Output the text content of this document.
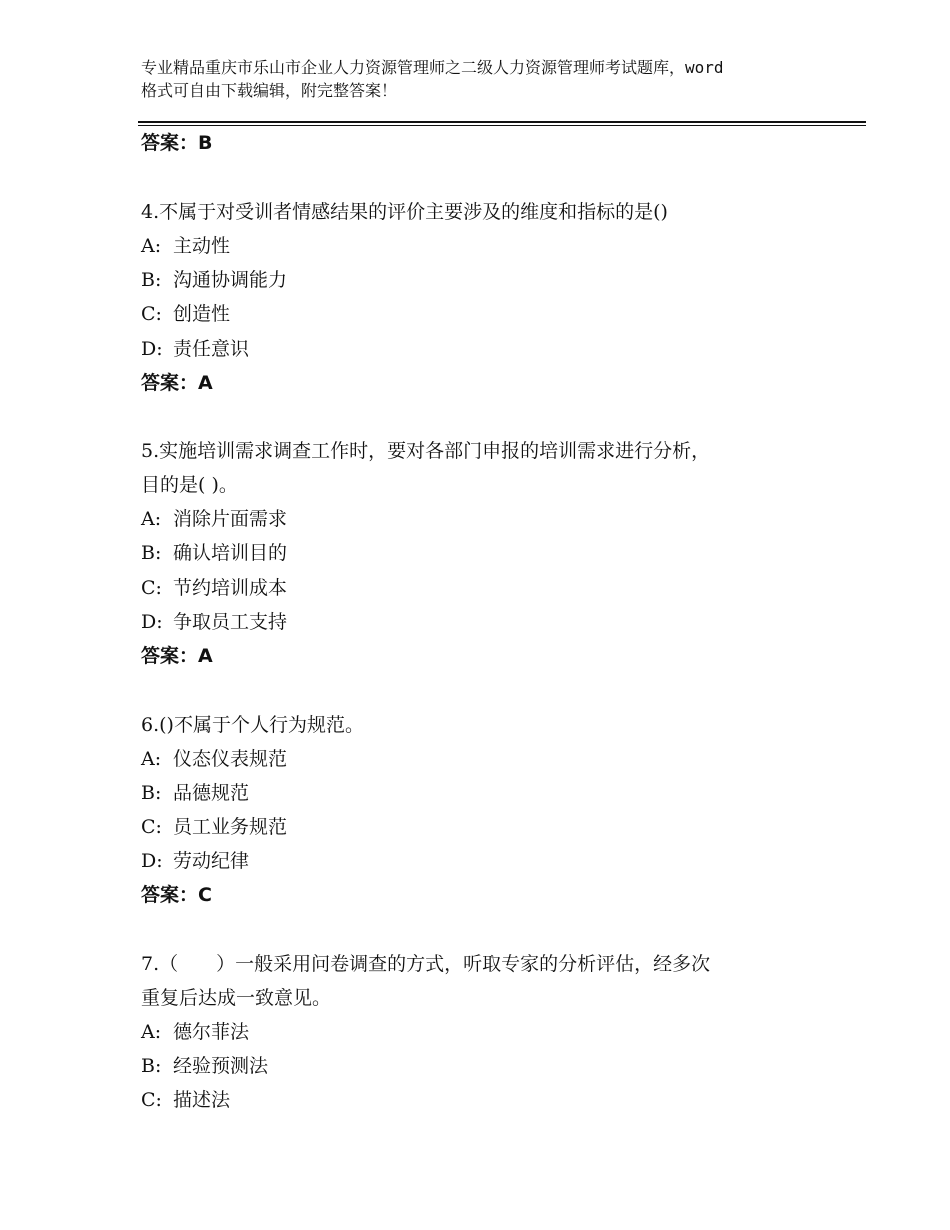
专业精品重庆市乐山市企业人力资源管理师之二级人力资源管理师考试题库，word
格式可自由下载编辑，附完整答案！
答案：B
4.不属于对受训者情感结果的评价主要涉及的维度和指标的是()
A: 主动性
B: 沟通协调能力
C: 创造性
D: 责任意识
答案：A
5.实施培训需求调查工作时，要对各部门申报的培训需求进行分析，
目的是( )。
A: 消除片面需求
B: 确认培训目的
C: 节约培训成本
D: 争取员工支持
答案：A
6.()不属于个人行为规范。
A: 仪态仪表规范
B: 品德规范
C: 员工业务规范
D: 劳动纪律
答案：C
7.（　　）一般采用问卷调查的方式，听取专家的分析评估，经多次
重复后达成一致意见。
A: 德尔菲法
B: 经验预测法
C: 描述法
